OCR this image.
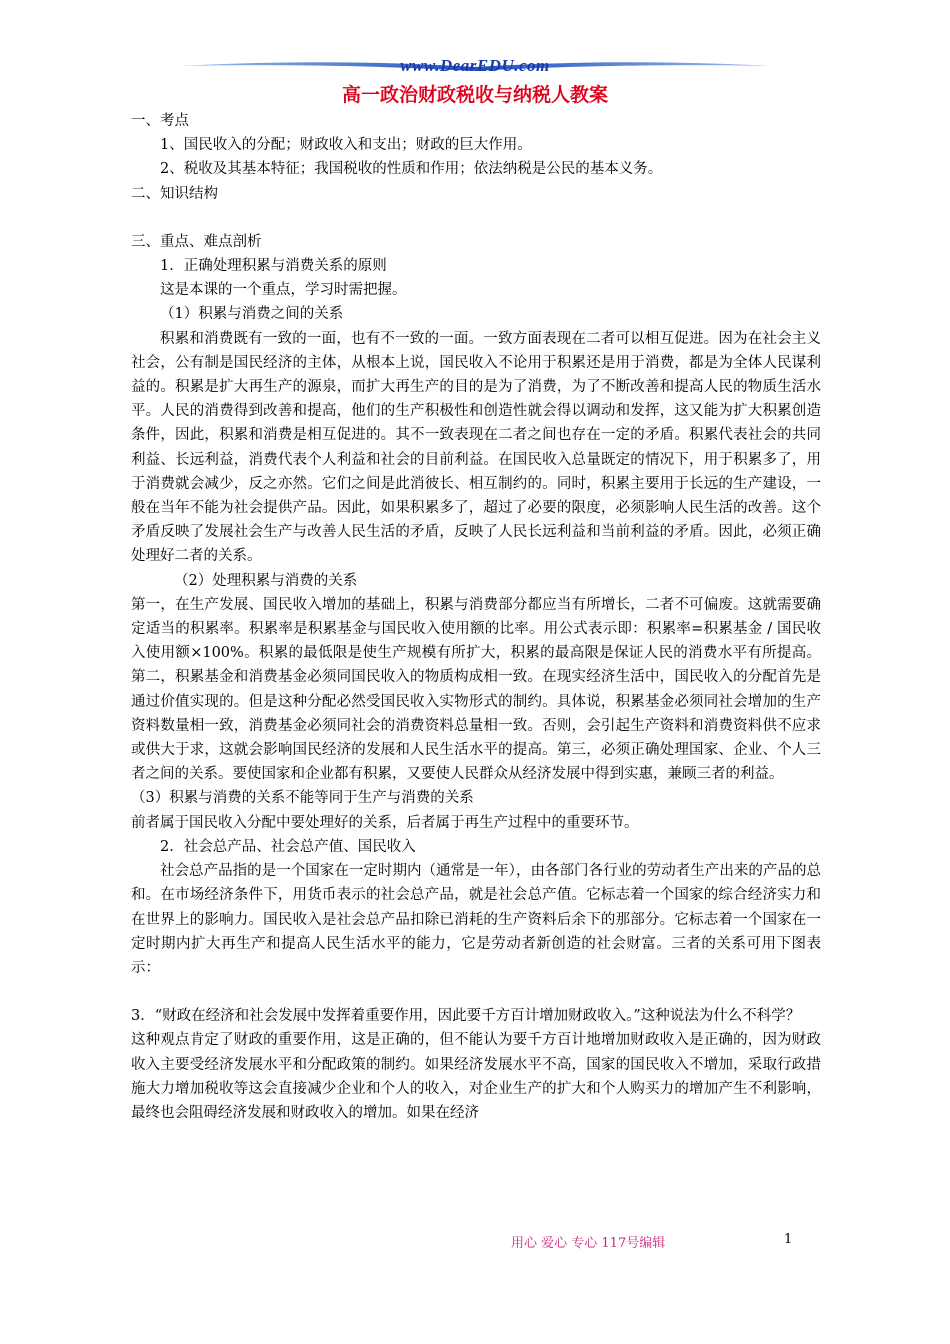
www.DearEDU.com
高一政治财政税收与纳税人教案

一、考点

1、国民收入的分配；财政收入和支出；财政的巨大作用。

2、税收及其基本特征；我国税收的性质和作用；依法纳税是公民的基本义务。

二、知识结构

三、重点、难点剖析

1．正确处理积累与消费关系的原则

这是本课的一个重点，学习时需把握。

（1）积累与消费之间的关系

积累和消费既有一致的一面，也有不一致的一面。一致方面表现在二者可以相互促进。因为在社会主义社会，公有制是国民经济的主体，从根本上说，国民收入不论用于积累还是用于消费，都是为全体人民谋利益的。积累是扩大再生产的源泉，而扩大再生产的目的是为了消费，为了不断改善和提高人民的物质生活水平。人民的消费得到改善和提高，他们的生产积极性和创造性就会得以调动和发挥，这又能为扩大积累创造条件，因此，积累和消费是相互促进的。其不一致表现在二者之间也存在一定的矛盾。积累代表社会的共同利益、长远利益，消费代表个人利益和社会的目前利益。在国民收入总量既定的情况下，用于积累多了，用于消费就会减少，反之亦然。它们之间是此消彼长、相互制约的。同时，积累主要用于长远的生产建设，一般在当年不能为社会提供产品。因此，如果积累多了，超过了必要的限度，必须影响人民生活的改善。这个矛盾反映了发展社会生产与改善人民生活的矛盾，反映了人民长远利益和当前利益的矛盾。因此，必须正确处理好二者的关系。

（2）处理积累与消费的关系

第一，在生产发展、国民收入增加的基础上，积累与消费部分都应当有所增长，二者不可偏废。这就需要确定适当的积累率。积累率是积累基金与国民收入使用额的比率。用公式表示即：积累率=积累基金 / 国民收入使用额×100%。积累的最低限是使生产规模有所扩大，积累的最高限是保证人民的消费水平有所提高。第二，积累基金和消费基金必须同国民收入的物质构成相一致。在现实经济生活中，国民收入的分配首先是通过价值实现的。但是这种分配必然受国民收入实物形式的制约。具体说，积累基金必须同社会增加的生产资料数量相一致，消费基金必须同社会的消费资料总量相一致。否则，会引起生产资料和消费资料供不应求或供大于求，这就会影响国民经济的发展和人民生活水平的提高。第三，必须正确处理国家、企业、个人三者之间的关系。要使国家和企业都有积累，又要使人民群众从经济发展中得到实惠，兼顾三者的利益。

（3）积累与消费的关系不能等同于生产与消费的关系

前者属于国民收入分配中要处理好的关系，后者属于再生产过程中的重要环节。

2．社会总产品、社会总产值、国民收入

社会总产品指的是一个国家在一定时期内（通常是一年），由各部门各行业的劳动者生产出来的产品的总和。在市场经济条件下，用货币表示的社会总产品，就是社会总产值。它标志着一个国家的综合经济实力和在世界上的影响力。国民收入是社会总产品扣除已消耗的生产资料后余下的那部分。它标志着一个国家在一定时期内扩大再生产和提高人民生活水平的能力，它是劳动者新创造的社会财富。三者的关系可用下图表示：

3．“财政在经济和社会发展中发挥着重要作用，因此要千方百计增加财政收入。”这种说法为什么不科学？

这种观点肯定了财政的重要作用，这是正确的，但不能认为要千方百计地增加财政收入是正确的，因为财政收入主要受经济发展水平和分配政策的制约。如果经济发展水平不高，国家的国民收入不增加，采取行政措施大力增加税收等这会直接减少企业和个人的收入，对企业生产的扩大和个人购买力的增加产生不利影响，最终也会阻碍经济发展和财政收入的增加。如果在经济

用心 爱心 专心 117号编辑	1
